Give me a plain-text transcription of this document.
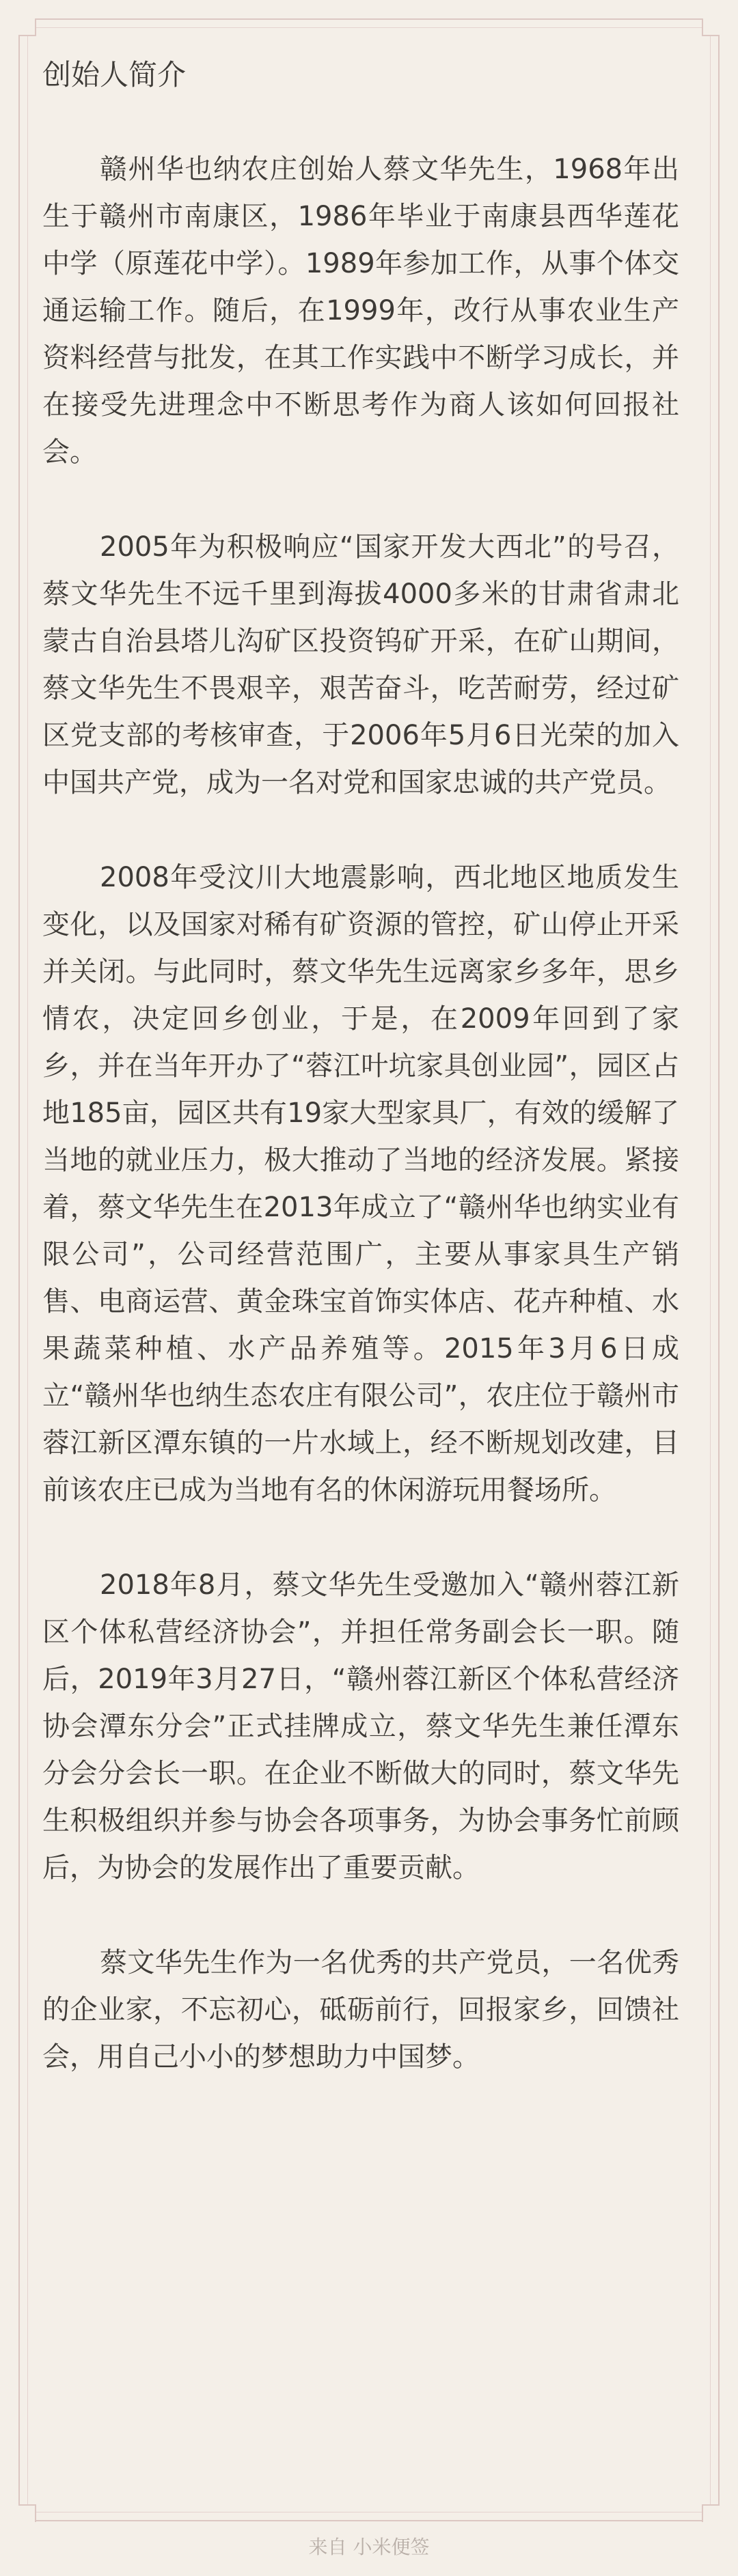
创始人简介

赣州华也纳农庄创始人蔡文华先生，1968年出生于赣州市南康区，1986年毕业于南康县西华莲花中学（原莲花中学）。1989年参加工作，从事个体交通运输工作。随后，在1999年，改行从事农业生产资料经营与批发，在其工作实践中不断学习成长，并在接受先进理念中不断思考作为商人该如何回报社会。

2005年为积极响应“国家开发大西北”的号召，蔡文华先生不远千里到海拔4000多米的甘肃省肃北蒙古自治县塔儿沟矿区投资钨矿开采，在矿山期间，蔡文华先生不畏艰辛，艰苦奋斗，吃苦耐劳，经过矿区党支部的考核审查，于2006年5月6日光荣的加入中国共产党，成为一名对党和国家忠诚的共产党员。

2008年受汶川大地震影响，西北地区地质发生变化，以及国家对稀有矿资源的管控，矿山停止开采并关闭。与此同时，蔡文华先生远离家乡多年，思乡情农，决定回乡创业，于是，在2009年回到了家乡，并在当年开办了“蓉江叶坑家具创业园”，园区占地185亩，园区共有19家大型家具厂，有效的缓解了当地的就业压力，极大推动了当地的经济发展。紧接着，蔡文华先生在2013年成立了“赣州华也纳实业有限公司”，公司经营范围广，主要从事家具生产销售、电商运营、黄金珠宝首饰实体店、花卉种植、水果蔬菜种植、水产品养殖等。2015年3月6日成立“赣州华也纳生态农庄有限公司”，农庄位于赣州市蓉江新区潭东镇的一片水域上，经不断规划改建，目前该农庄已成为当地有名的休闲游玩用餐场所。

2018年8月，蔡文华先生受邀加入“赣州蓉江新区个体私营经济协会”，并担任常务副会长一职。随后，2019年3月27日，“赣州蓉江新区个体私营经济协会潭东分会”正式挂牌成立，蔡文华先生兼任潭东分会分会长一职。在企业不断做大的同时，蔡文华先生积极组织并参与协会各项事务，为协会事务忙前顾后，为协会的发展作出了重要贡献。

蔡文华先生作为一名优秀的共产党员，一名优秀的企业家，不忘初心，砥砺前行，回报家乡，回馈社会，用自己小小的梦想助力中国梦。

来自 小米便签
